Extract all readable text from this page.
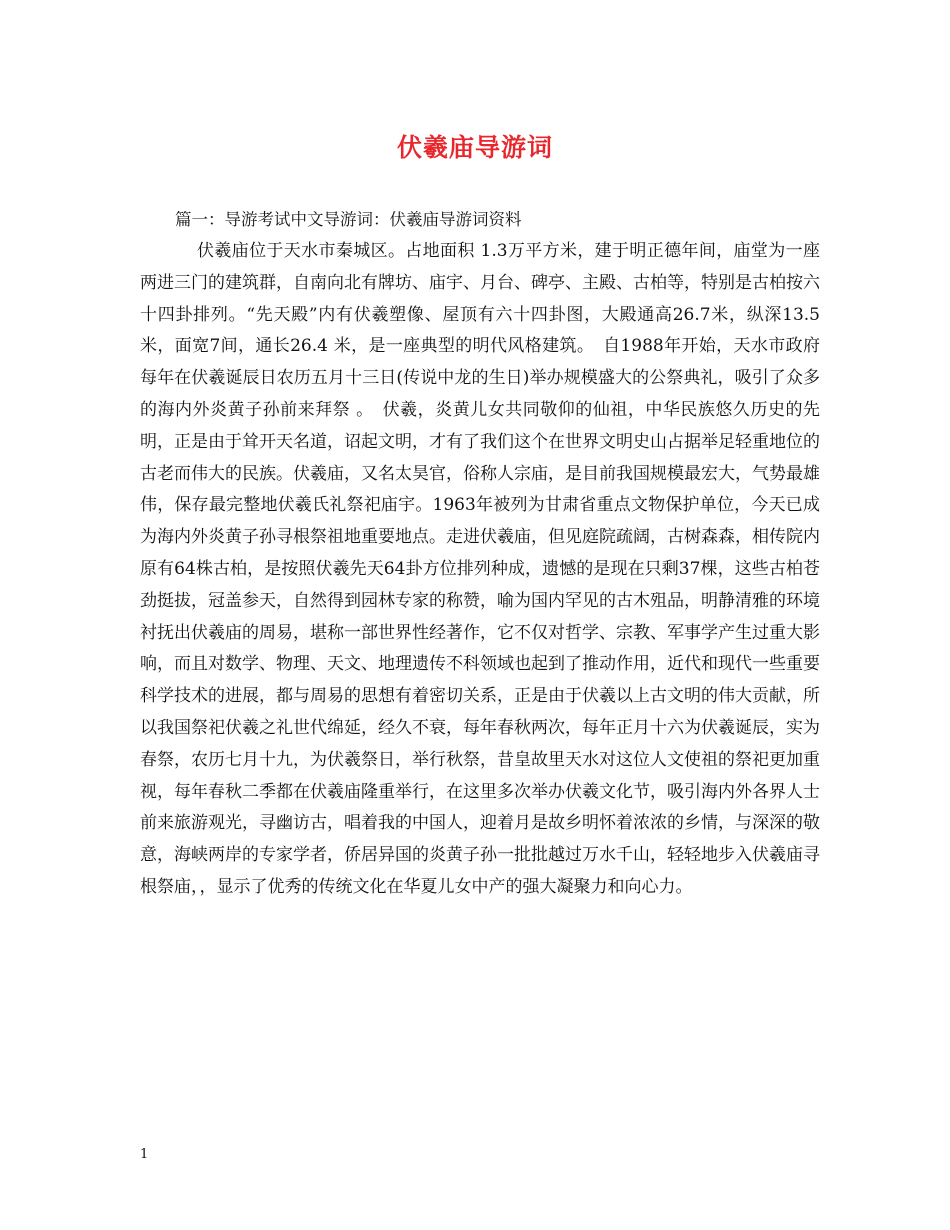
伏羲庙导游词
篇一：导游考试中文导游词：伏羲庙导游词资料

伏羲庙位于天水市秦城区。占地面积 1.3万平方米，建于明正德年间，庙堂为一座两进三门的建筑群，自南向北有牌坊、庙宇、月台、碑亭、主殿、古柏等，特别是古柏按六十四卦排列。“先天殿”内有伏羲塑像、屋顶有六十四卦图，大殿通高26.7米，纵深13.5米，面宽7间，通长26.4 米，是一座典型的明代风格建筑。　自1988年开始，天水市政府每年在伏羲诞辰日农历五月十三日(传说中龙的生日)举办规模盛大的公祭典礼，吸引了众多的海内外炎黄子孙前来拜祭 。　伏羲，炎黄儿女共同敬仰的仙祖，中华民族悠久历史的先明，正是由于耸开天名道，诏起文明，才有了我们这个在世界文明史山占据举足轻重地位的古老而伟大的民族。伏羲庙，又名太昊官，俗称人宗庙，是目前我国规模最宏大，气势最雄伟，保存最完整地伏羲氏礼祭祀庙宇。1963年被列为甘肃省重点文物保护单位，今天已成为海内外炎黄子孙寻根祭祖地重要地点。走进伏羲庙，但见庭院疏阔，古树森森，相传院内原有64株古柏，是按照伏羲先天64卦方位排列种成，遗憾的是现在只剩37棵，这些古柏苍劲挺拔，冠盖参天，自然得到园林专家的称赞，喻为国内罕见的古木殂品，明静清雅的环境衬抚出伏羲庙的周易，堪称一部世界性经著作，它不仅对哲学、宗教、军事学产生过重大影响，而且对数学、物理、天文、地理遗传不科领域也起到了推动作用，近代和现代一些重要科学技术的进展，都与周易的思想有着密切关系，正是由于伏羲以上古文明的伟大贡献，所以我国祭祀伏羲之礼世代绵延，经久不衰，每年春秋两次，每年正月十六为伏羲诞辰，实为春祭，农历七月十九，为伏羲祭日，举行秋祭，昔皇故里天水对这位人文使祖的祭祀更加重视，每年春秋二季都在伏羲庙隆重举行，在这里多次举办伏羲文化节，吸引海内外各界人士前来旅游观光，寻幽访古，唱着我的中国人，迎着月是故乡明怀着浓浓的乡情，与深深的敬意，海峡两岸的专家学者，侨居异国的炎黄子孙一批批越过万水千山，轻轻地步入伏羲庙寻根祭庙，，显示了优秀的传统文化在华夏儿女中产的强大凝聚力和向心力。

1
